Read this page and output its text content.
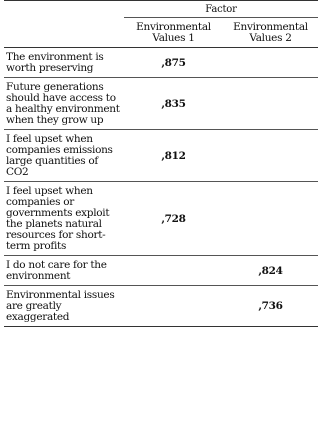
	Factor	
	Environmental Values 1	Environmental Values 2
The environment is worth preserving	,875	
Future generations should have access to a healthy environment when they grow up	,835	
I feel upset when companies emissions large quantities of CO2	,812	
I feel upset when companies or governments exploit the planets natural resources for short-term profits	,728	
I do not care for the environment		,824
Environmental issues are greatly exaggerated		,736
